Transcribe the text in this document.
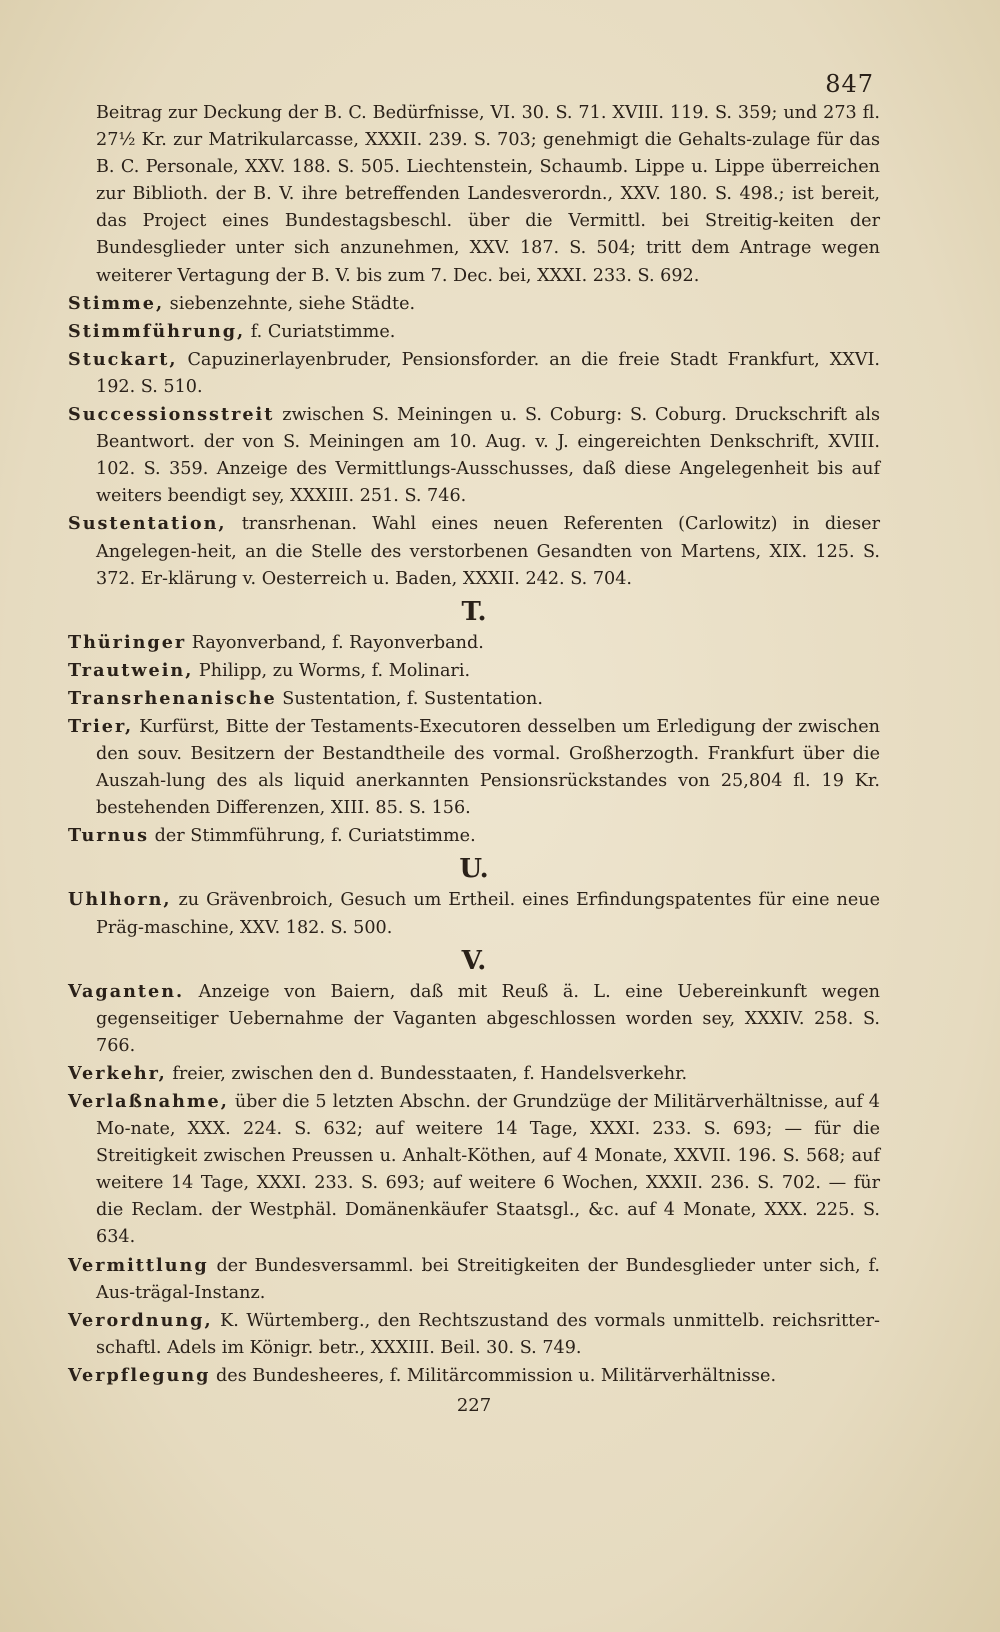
847

Beitrag zur Deckung der B. C. Bedürfnisse, VI. 30. S. 71. XVIII. 119. S. 359; und 273 fl. 27½ Kr. zur Matrikularcasse, XXXII. 239. S. 703; genehmigt die Gehalts-zulage für das B. C. Personale, XXV. 188. S. 505. Liechtenstein, Schaumb. Lippe u. Lippe überreichen zur Biblioth. der B. V. ihre betreffenden Landesverordn., XXV. 180. S. 498.; ist bereit, das Project eines Bundestagsbeschl. über die Vermittl. bei Streitig-keiten der Bundesglieder unter sich anzunehmen, XXV. 187. S. 504; tritt dem Antrage wegen weiterer Vertagung der B. V. bis zum 7. Dec. bei, XXXI. 233. S. 692.

Stimme, siebenzehnte, siehe Städte.

Stimmführung, f. Curiatstimme.

Stuckart, Capuzinerlayenbruder, Pensionsforder. an die freie Stadt Frankfurt, XXVI. 192. S. 510.

Successionsstreit zwischen S. Meiningen u. S. Coburg: S. Coburg. Druckschrift als Beantwort. der von S. Meiningen am 10. Aug. v. J. eingereichten Denkschrift, XVIII. 102. S. 359. Anzeige des Vermittlungs-Ausschusses, daß diese Angelegenheit bis auf weiters beendigt sey, XXXIII. 251. S. 746.

Sustentation, transrhenan. Wahl eines neuen Referenten (Carlowitz) in dieser Angelegen-heit, an die Stelle des verstorbenen Gesandten von Martens, XIX. 125. S. 372. Er-klärung v. Oesterreich u. Baden, XXXII. 242. S. 704.

T.

Thüringer Rayonverband, f. Rayonverband.

Trautwein, Philipp, zu Worms, f. Molinari.

Transrhenanische Sustentation, f. Sustentation.

Trier, Kurfürst, Bitte der Testaments-Executoren desselben um Erledigung der zwischen den souv. Besitzern der Bestandtheile des vormal. Großherzogth. Frankfurt über die Auszah-lung des als liquid anerkannten Pensionsrückstandes von 25,804 fl. 19 Kr. bestehenden Differenzen, XIII. 85. S. 156.

Turnus der Stimmführung, f. Curiatstimme.

U.

Uhlhorn, zu Grävenbroich, Gesuch um Ertheil. eines Erfindungspatentes für eine neue Präg-maschine, XXV. 182. S. 500.

V.

Vaganten. Anzeige von Baiern, daß mit Reuß ä. L. eine Uebereinkunft wegen gegenseitiger Uebernahme der Vaganten abgeschlossen worden sey, XXXIV. 258. S. 766.

Verkehr, freier, zwischen den d. Bundesstaaten, f. Handelsverkehr.

Verlaßnahme, über die 5 letzten Abschn. der Grundzüge der Militärverhältnisse, auf 4 Mo-nate, XXX. 224. S. 632; auf weitere 14 Tage, XXXI. 233. S. 693; — für die Streitigkeit zwischen Preussen u. Anhalt-Köthen, auf 4 Monate, XXVII. 196. S. 568; auf weitere 14 Tage, XXXI. 233. S. 693; auf weitere 6 Wochen, XXXII. 236. S. 702. — für die Reclam. der Westphäl. Domänenkäufer Staatsgl., &c. auf 4 Monate, XXX. 225. S. 634.

Vermittlung der Bundesversamml. bei Streitigkeiten der Bundesglieder unter sich, f. Aus-trägal-Instanz.

Verordnung, K. Würtemberg., den Rechtszustand des vormals unmittelb. reichsritter-schaftl. Adels im Königr. betr., XXXIII. Beil. 30. S. 749.

Verpflegung des Bundesheeres, f. Militärcommission u. Militärverhältnisse.

227
